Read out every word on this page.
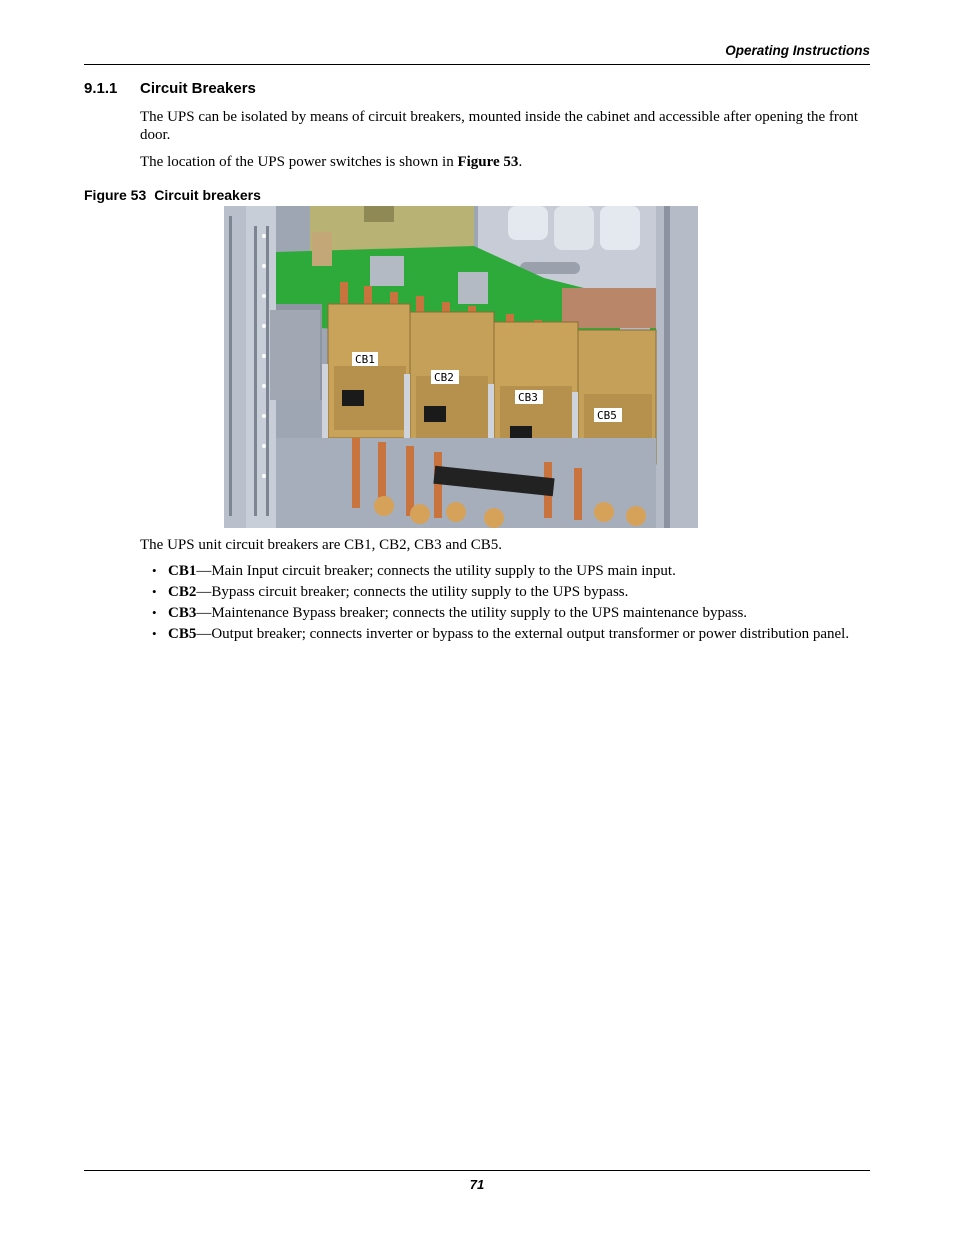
Operating Instructions
9.1.1 Circuit Breakers
The UPS can be isolated by means of circuit breakers, mounted inside the cabinet and accessible after opening the front door.
The location of the UPS power switches is shown in Figure 53.
Figure 53 Circuit breakers
CB1
CB2
CB3
CB5
The UPS unit circuit breakers are CB1, CB2, CB3 and CB5.
• CB1—Main Input circuit breaker; connects the utility supply to the UPS main input.
• CB2—Bypass circuit breaker; connects the utility supply to the UPS bypass.
• CB3—Maintenance Bypass breaker; connects the utility supply to the UPS maintenance bypass.
• CB5—Output breaker; connects inverter or bypass to the external output transformer or power distribution panel.
71
